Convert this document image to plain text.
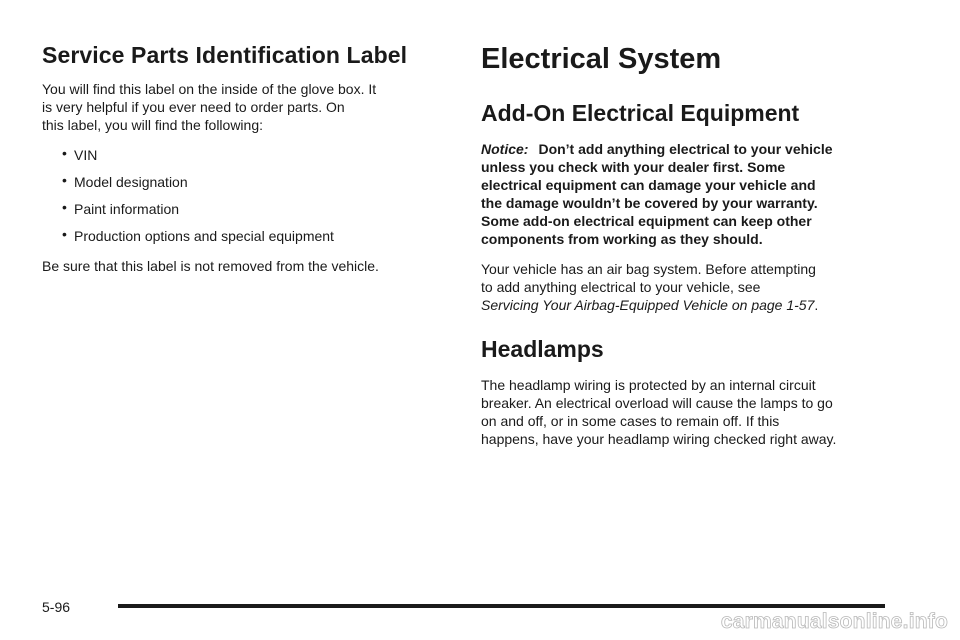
Service Parts Identification Label

You will find this label on the inside of the glove box. It
is very helpful if you ever need to order parts. On
this label, you will find the following:

• VIN
• Model designation
• Paint information
• Production options and special equipment

Be sure that this label is not removed from the vehicle.

Electrical System
Add-On Electrical Equipment

Notice: Don’t add anything electrical to your vehicle
unless you check with your dealer first. Some
electrical equipment can damage your vehicle and
the damage wouldn’t be covered by your warranty.
Some add-on electrical equipment can keep other
components from working as they should.

Your vehicle has an air bag system. Before attempting
to add anything electrical to your vehicle, see
Servicing Your Airbag-Equipped Vehicle on page 1-57.

Headlamps

The headlamp wiring is protected by an internal circuit
breaker. An electrical overload will cause the lamps to go
on and off, or in some cases to remain off. If this
happens, have your headlamp wiring checked right away.

5-96
carmanualsonline.info
